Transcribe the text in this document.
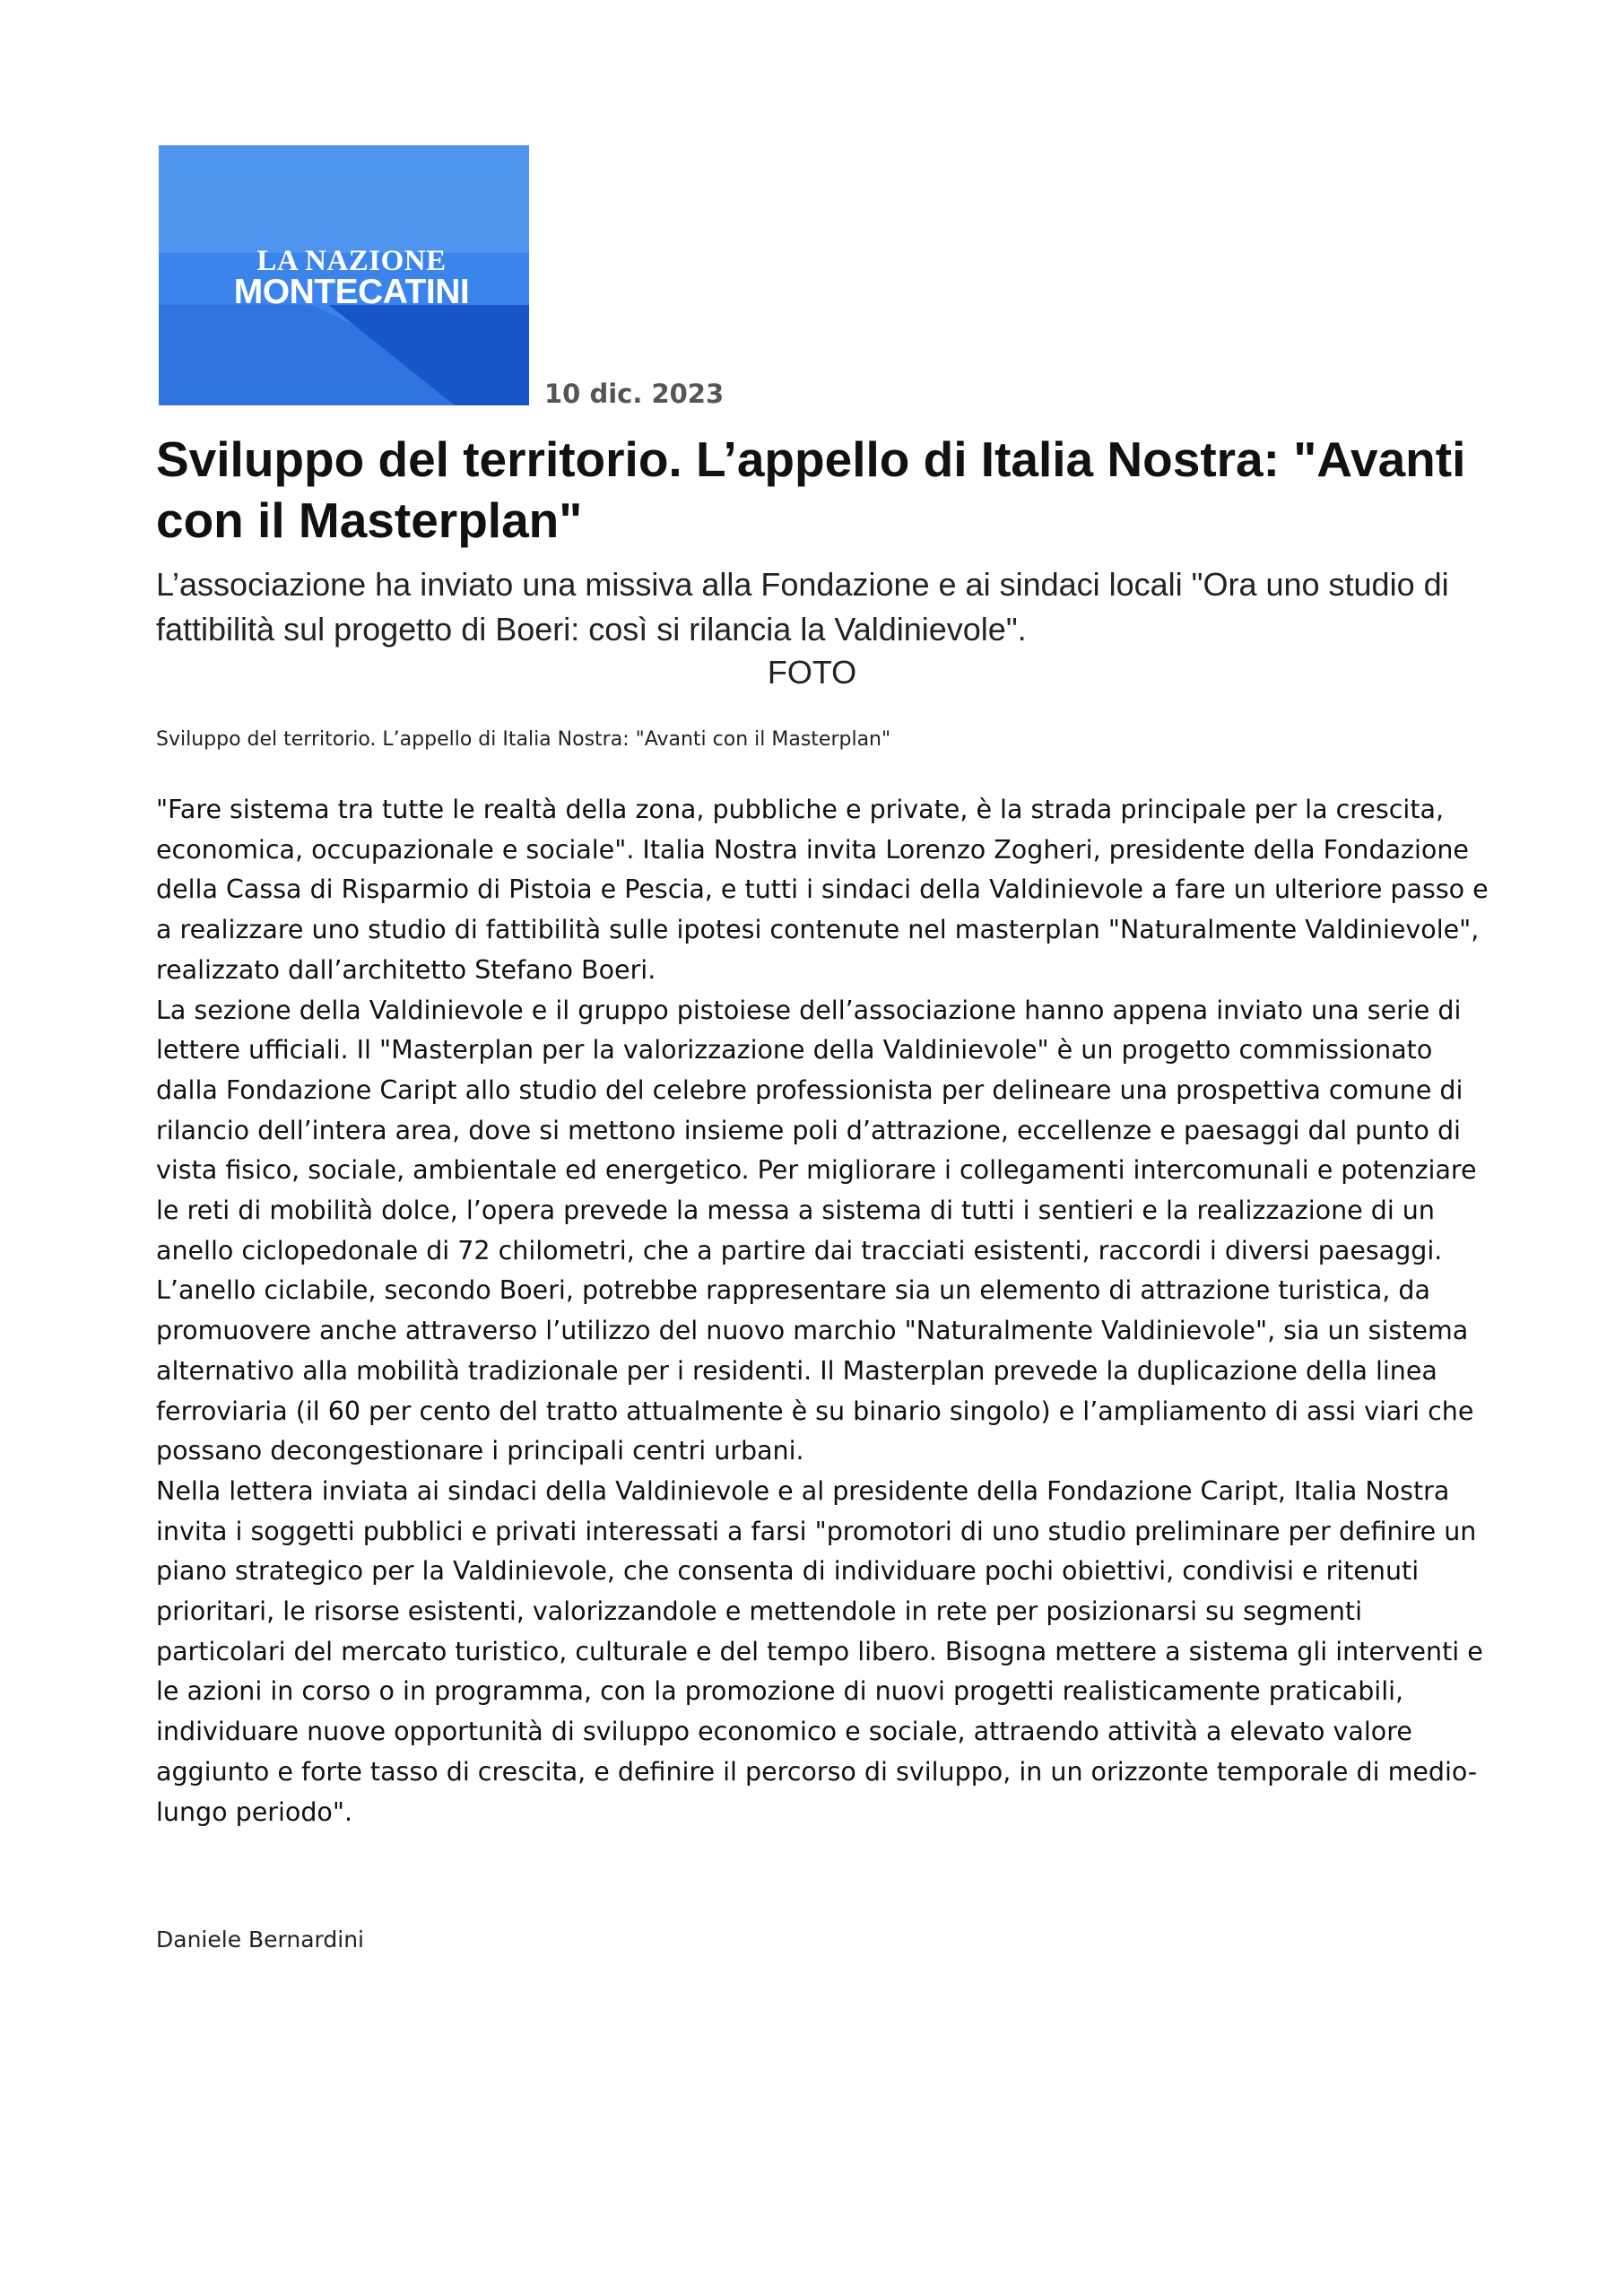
LA NAZIONE
MONTECATINI
10 dic. 2023
Sviluppo del territorio. L’appello di Italia Nostra: "Avanti con il Masterplan"
L’associazione ha inviato una missiva alla Fondazione e ai sindaci locali "Ora uno studio di fattibilità sul progetto di Boeri: così si rilancia la Valdinievole".
FOTO
Sviluppo del territorio. L’appello di Italia Nostra: "Avanti con il Masterplan"

"Fare sistema tra tutte le realtà della zona, pubbliche e private, è la strada principale per la crescita, economica, occupazionale e sociale". Italia Nostra invita Lorenzo Zogheri, presidente della Fondazione della Cassa di Risparmio di Pistoia e Pescia, e tutti i sindaci della Valdinievole a fare un ulteriore passo e a realizzare uno studio di fattibilità sulle ipotesi contenute nel masterplan "Naturalmente Valdinievole", realizzato dall’architetto Stefano Boeri.

La sezione della Valdinievole e il gruppo pistoiese dell’associazione hanno appena inviato una serie di lettere ufficiali. Il "Masterplan per la valorizzazione della Valdinievole" è un progetto commissionato dalla Fondazione Caript allo studio del celebre professionista per delineare una prospettiva comune di rilancio dell’intera area, dove si mettono insieme poli d’attrazione, eccellenze e paesaggi dal punto di vista fisico, sociale, ambientale ed energetico. Per migliorare i collegamenti intercomunali e potenziare le reti di mobilità dolce, l’opera prevede la messa a sistema di tutti i sentieri e la realizzazione di un anello ciclopedonale di 72 chilometri, che a partire dai tracciati esistenti, raccordi i diversi paesaggi.

L’anello ciclabile, secondo Boeri, potrebbe rappresentare sia un elemento di attrazione turistica, da promuovere anche attraverso l’utilizzo del nuovo marchio "Naturalmente Valdinievole", sia un sistema alternativo alla mobilità tradizionale per i residenti. Il Masterplan prevede la duplicazione della linea ferroviaria (il 60 per cento del tratto attualmente è su binario singolo) e l’ampliamento di assi viari che possano decongestionare i principali centri urbani.

Nella lettera inviata ai sindaci della Valdinievole e al presidente della Fondazione Caript, Italia Nostra invita i soggetti pubblici e privati interessati a farsi "promotori di uno studio preliminare per definire un piano strategico per la Valdinievole, che consenta di individuare pochi obiettivi, condivisi e ritenuti prioritari, le risorse esistenti, valorizzandole e mettendole in rete per posizionarsi su segmenti particolari del mercato turistico, culturale e del tempo libero. Bisogna mettere a sistema gli interventi e le azioni in corso o in programma, con la promozione di nuovi progetti realisticamente praticabili, individuare nuove opportunità di sviluppo economico e sociale, attraendo attività a elevato valore aggiunto e forte tasso di crescita, e definire il percorso di sviluppo, in un orizzonte temporale di medio-lungo periodo".

Daniele Bernardini
